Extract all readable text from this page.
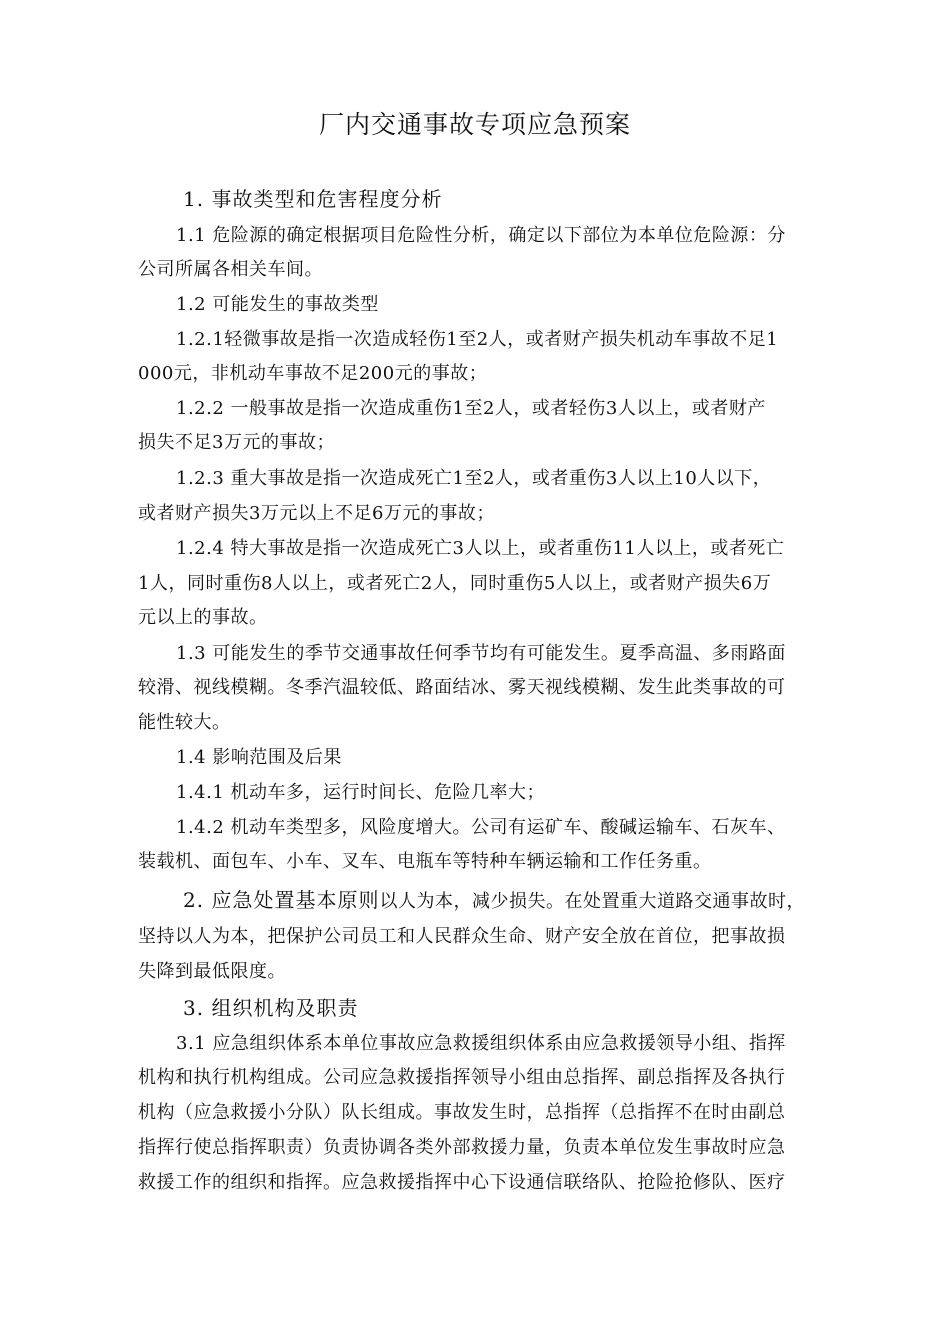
厂内交通事故专项应急预案
1. 事故类型和危害程度分析
1.1 危险源的确定根据项目危险性分析，确定以下部位为本单位危险源：分
公司所属各相关车间。
1.2 可能发生的事故类型
1.2.1轻微事故是指一次造成轻伤1至2人，或者财产损失机动车事故不足1
000元，非机动车事故不足200元的事故；
1.2.2 一般事故是指一次造成重伤1至2人，或者轻伤3人以上，或者财产
损失不足3万元的事故；
1.2.3 重大事故是指一次造成死亡1至2人，或者重伤3人以上10人以下，
或者财产损失3万元以上不足6万元的事故；
1.2.4 特大事故是指一次造成死亡3人以上，或者重伤11人以上，或者死亡
1人，同时重伤8人以上，或者死亡2人，同时重伤5人以上，或者财产损失6万
元以上的事故。
1.3 可能发生的季节交通事故任何季节均有可能发生。夏季高温、多雨路面
较滑、视线模糊。冬季汽温较低、路面结冰、雾天视线模糊、发生此类事故的可
能性较大。
1.4 影响范围及后果
1.4.1 机动车多，运行时间长、危险几率大；
1.4.2 机动车类型多，风险度增大。公司有运矿车、酸碱运输车、石灰车、
装载机、面包车、小车、叉车、电瓶车等特种车辆运输和工作任务重。
2. 应急处置基本原则以人为本，减少损失。在处置重大道路交通事故时，
坚持以人为本，把保护公司员工和人民群众生命、财产安全放在首位，把事故损
失降到最低限度。
3. 组织机构及职责
3.1 应急组织体系本单位事故应急救援组织体系由应急救援领导小组、指挥
机构和执行机构组成。公司应急救援指挥领导小组由总指挥、副总指挥及各执行
机构（应急救援小分队）队长组成。事故发生时，总指挥（总指挥不在时由副总
指挥行使总指挥职责）负责协调各类外部救援力量，负责本单位发生事故时应急
救援工作的组织和指挥。应急救援指挥中心下设通信联络队、抢险抢修队、医疗
